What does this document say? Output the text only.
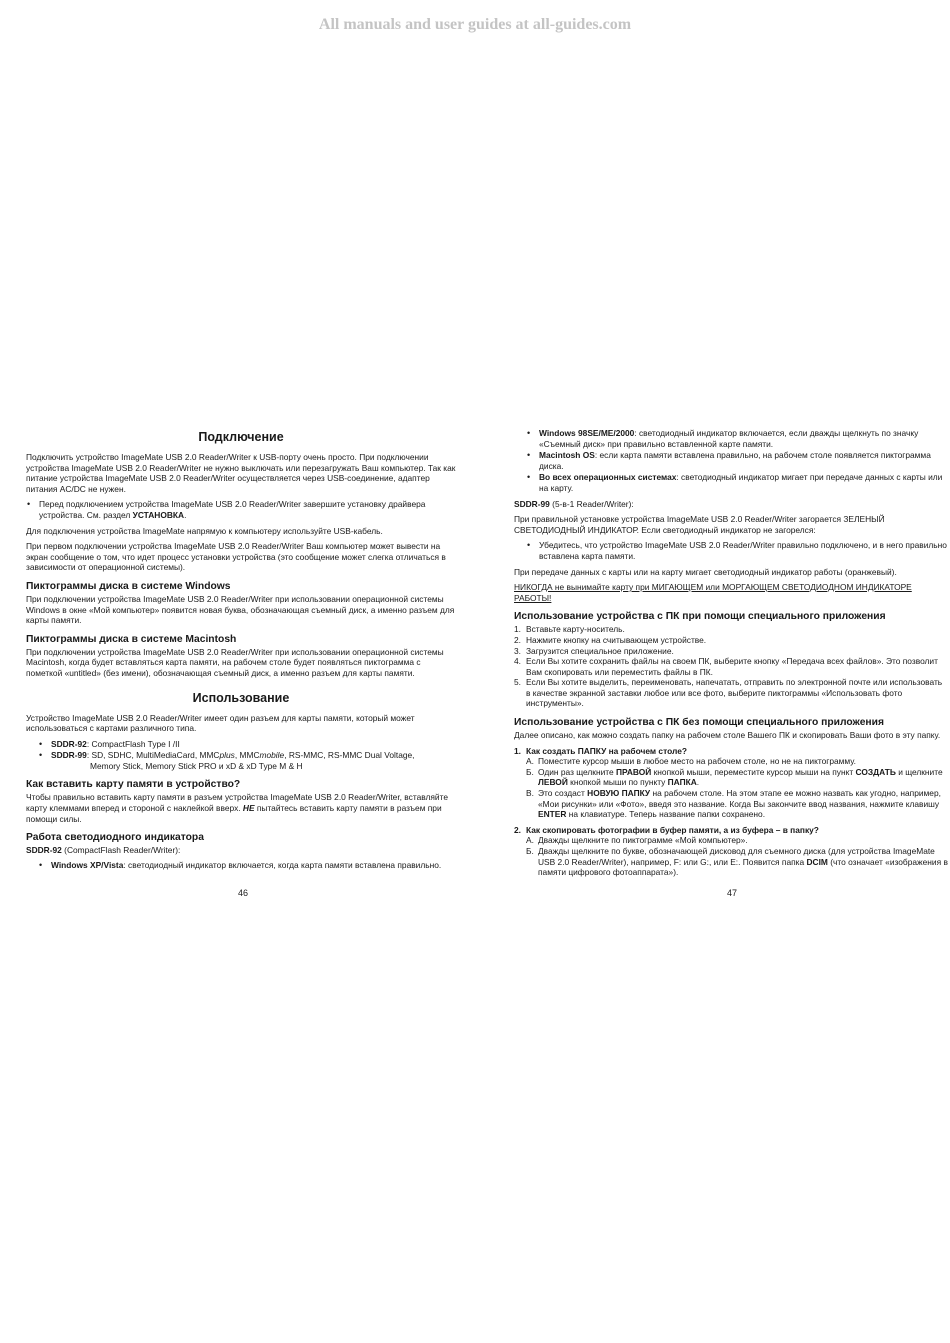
All manuals and user guides at all-guides.com
Подключение

Подключить устройство ImageMate USB 2.0 Reader/Writer к USB-порту очень просто. При подключении устройства ImageMate USB 2.0 Reader/Writer не нужно выключать или перезагружать Ваш компьютер. Так как питание устройства ImageMate USB 2.0 Reader/Writer осуществляется через USB-соединение, адаптер питания AC/DC не нужен.

• Перед подключением устройства ImageMate USB 2.0 Reader/Writer завершите установку драйвера устройства. См. раздел УСТАНОВКА.

Для подключения устройства ImageMate напрямую к компьютеру используйте USB-кабель.

При первом подключении устройства ImageMate USB 2.0 Reader/Writer Ваш компьютер может вывести на экран сообщение о том, что идет процесс установки устройства (это сообщение может слегка отличаться в зависимости от операционной системы).

Пиктограммы диска в системе Windows

При подключении устройства ImageMate USB 2.0 Reader/Writer при использовании операционной системы Windows в окне «Мой компьютер» появится новая буква, обозначающая съемный диск, а именно разъем для карты памяти.

Пиктограммы диска в системе Macintosh

При подключении устройства ImageMate USB 2.0 Reader/Writer при использовании операционной системы Macintosh, когда будет вставляться карта памяти, на рабочем столе будет появляться пиктограмма с пометкой «untitled» (без имени), обозначающая съемный диск, а именно разъем для карты памяти.

Использование

Устройство ImageMate USB 2.0 Reader/Writer имеет один разъем для карты памяти, который может использоваться с картами различного типа.

• SDDR-92: CompactFlash Type I /II
• SDDR-99: SD, SDHC, MultiMediaCard, MMCplus, MMCmobile, RS-MMC, RS-MMC Dual Voltage,
Memory Stick, Memory Stick PRO и xD & xD Type M & H
Как вставить карту памяти в устройство?

Чтобы правильно вставить карту памяти в разъем устройства ImageMate USB 2.0 Reader/Writer, вставляйте карту клеммами вперед и стороной с наклейкой вверх. НЕ пытайтесь вставить карту памяти в разъем при помощи силы.

Работа светодиодного индикатора

SDDR-92 (CompactFlash Reader/Writer):

• Windows XP/Vista: светодиодный индикатор включается, когда карта памяти вставлена правильно.
46
• Windows 98SE/ME/2000: светодиодный индикатор включается, если дважды щелкнуть по значку «Съемный диск» при правильно вставленной карте памяти.
• Macintosh OS: если карта памяти вставлена правильно, на рабочем столе появляется пиктограмма диска.
• Во всех операционных системах: светодиодный индикатор мигает при передаче данных с карты или на карту.

SDDR-99 (5-в-1 Reader/Writer):

При правильной установке устройства ImageMate USB 2.0 Reader/Writer загорается ЗЕЛЕНЫЙ СВЕТОДИОДНЫЙ ИНДИКАТОР. Если светодиодный индикатор не загорелся:

• Убедитесь, что устройство ImageMate USB 2.0 Reader/Writer правильно подключено, и в него правильно вставлена карта памяти.

При передаче данных с карты или на карту мигает светодиодный индикатор работы (оранжевый).

НИКОГДА не вынимайте карту при МИГАЮЩЕМ или МОРГАЮЩЕМ СВЕТОДИОДНОМ ИНДИКАТОРЕ РАБОТЫ!

Использование устройства с ПК при помощи специального приложения
1. Вставьте карту-носитель.
2. Нажмите кнопку на считывающем устройстве.
3. Загрузится специальное приложение.
4. Если Вы хотите сохранить файлы на своем ПК, выберите кнопку «Передача всех файлов». Это позволит Вам скопировать или переместить файлы в ПК.
5. Если Вы хотите выделить, переименовать, напечатать, отправить по электронной почте или использовать в качестве экранной заставки любое или все фото, выберите пиктограммы «Использовать фото инструменты».
Использование устройства с ПК без помощи специального приложения

Далее описано, как можно создать папку на рабочем столе Вашего ПК и скопировать Ваши фото в эту папку.

1. Как создать ПАПКУ на рабочем столе?
А. Поместите курсор мыши в любое место на рабочем столе, но не на пиктограмму.
Б. Один раз щелкните ПРАВОЙ кнопкой мыши, переместите курсор мыши на пункт СОЗДАТЬ и щелкните ЛЕВОЙ кнопкой мыши по пункту ПАПКА.
В. Это создаст НОВУЮ ПАПКУ на рабочем столе. На этом этапе ее можно назвать как угодно, например, «Мои рисунки» или «Фото», введя это название. Когда Вы закончите ввод названия, нажмите клавишу ENTER на клавиатуре. Теперь название папки сохранено.
2. Как скопировать фотографии в буфер памяти, а из буфера – в папку?
А. Дважды щелкните по пиктограмме «Мой компьютер».
Б. Дважды щелкните по букве, обозначающей дисковод для съемного диска (для устройства ImageMate USB 2.0 Reader/Writer), например, F: или G:, или E:. Появится папка DCIM (что означает «изображения в памяти цифрового фотоаппарата»).
47
